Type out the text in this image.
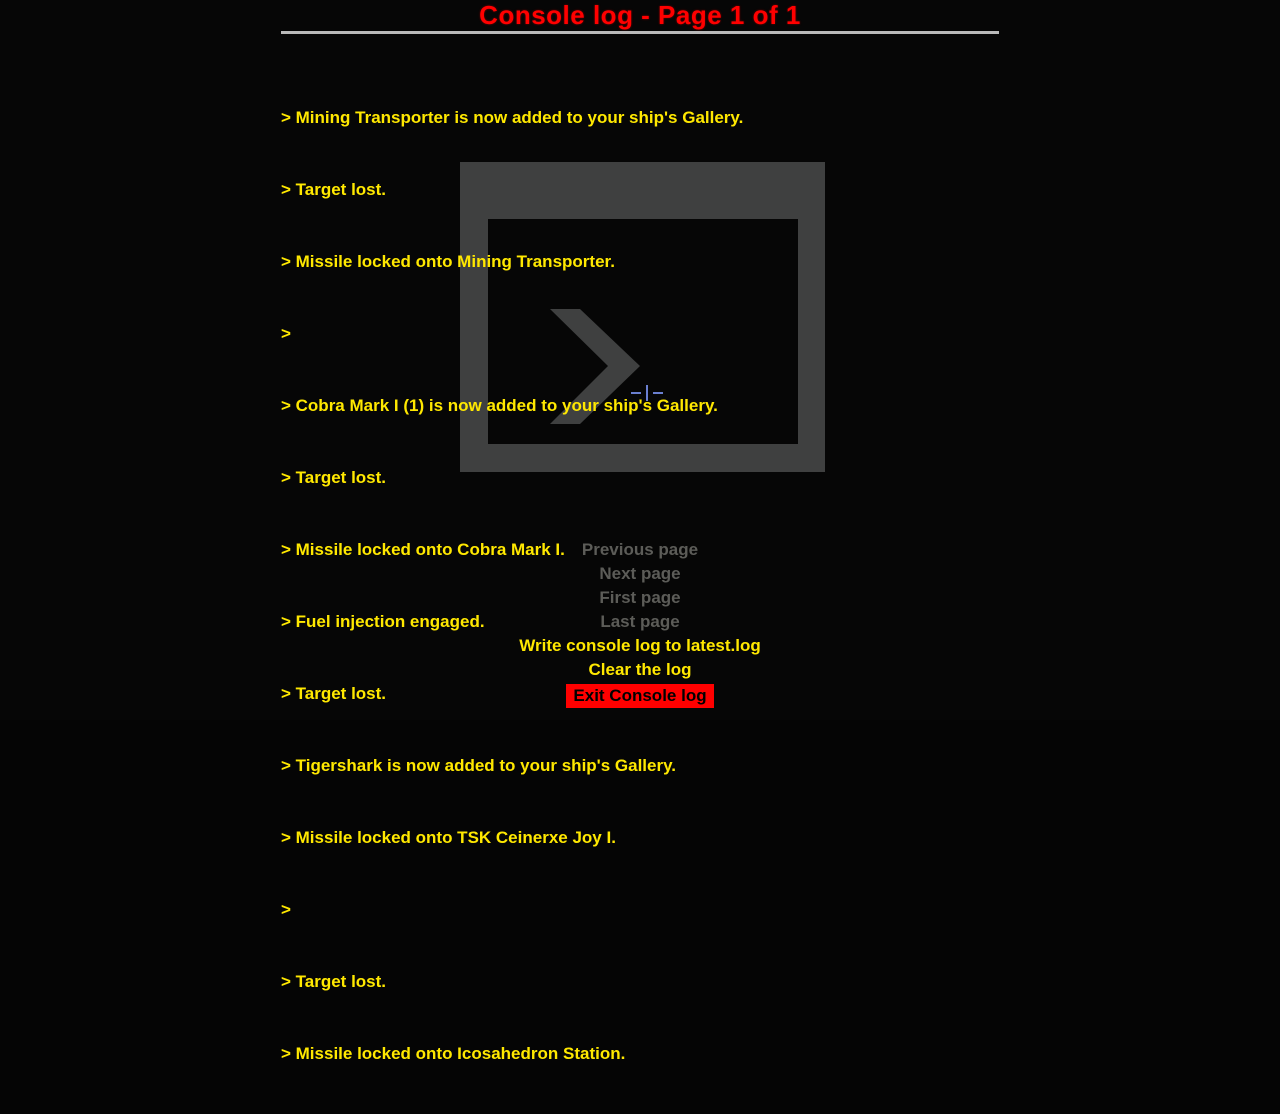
Console log - Page 1 of 1

> Mining Transporter is now added to your ship's Gallery.

> Target lost.

> Missile locked onto Mining Transporter.

>

> Cobra Mark I (1) is now added to your ship's Gallery.

> Target lost.

> Missile locked onto Cobra Mark I.

> Fuel injection engaged.

> Target lost.

> Tigershark is now added to your ship's Gallery.

> Missile locked onto TSK Ceinerxe Joy I.

>

> Target lost.

> Missile locked onto Icosahedron Station.

Previous page
Next page
First page
Last page
Write console log to latest.log
Clear the log
Exit Console log
